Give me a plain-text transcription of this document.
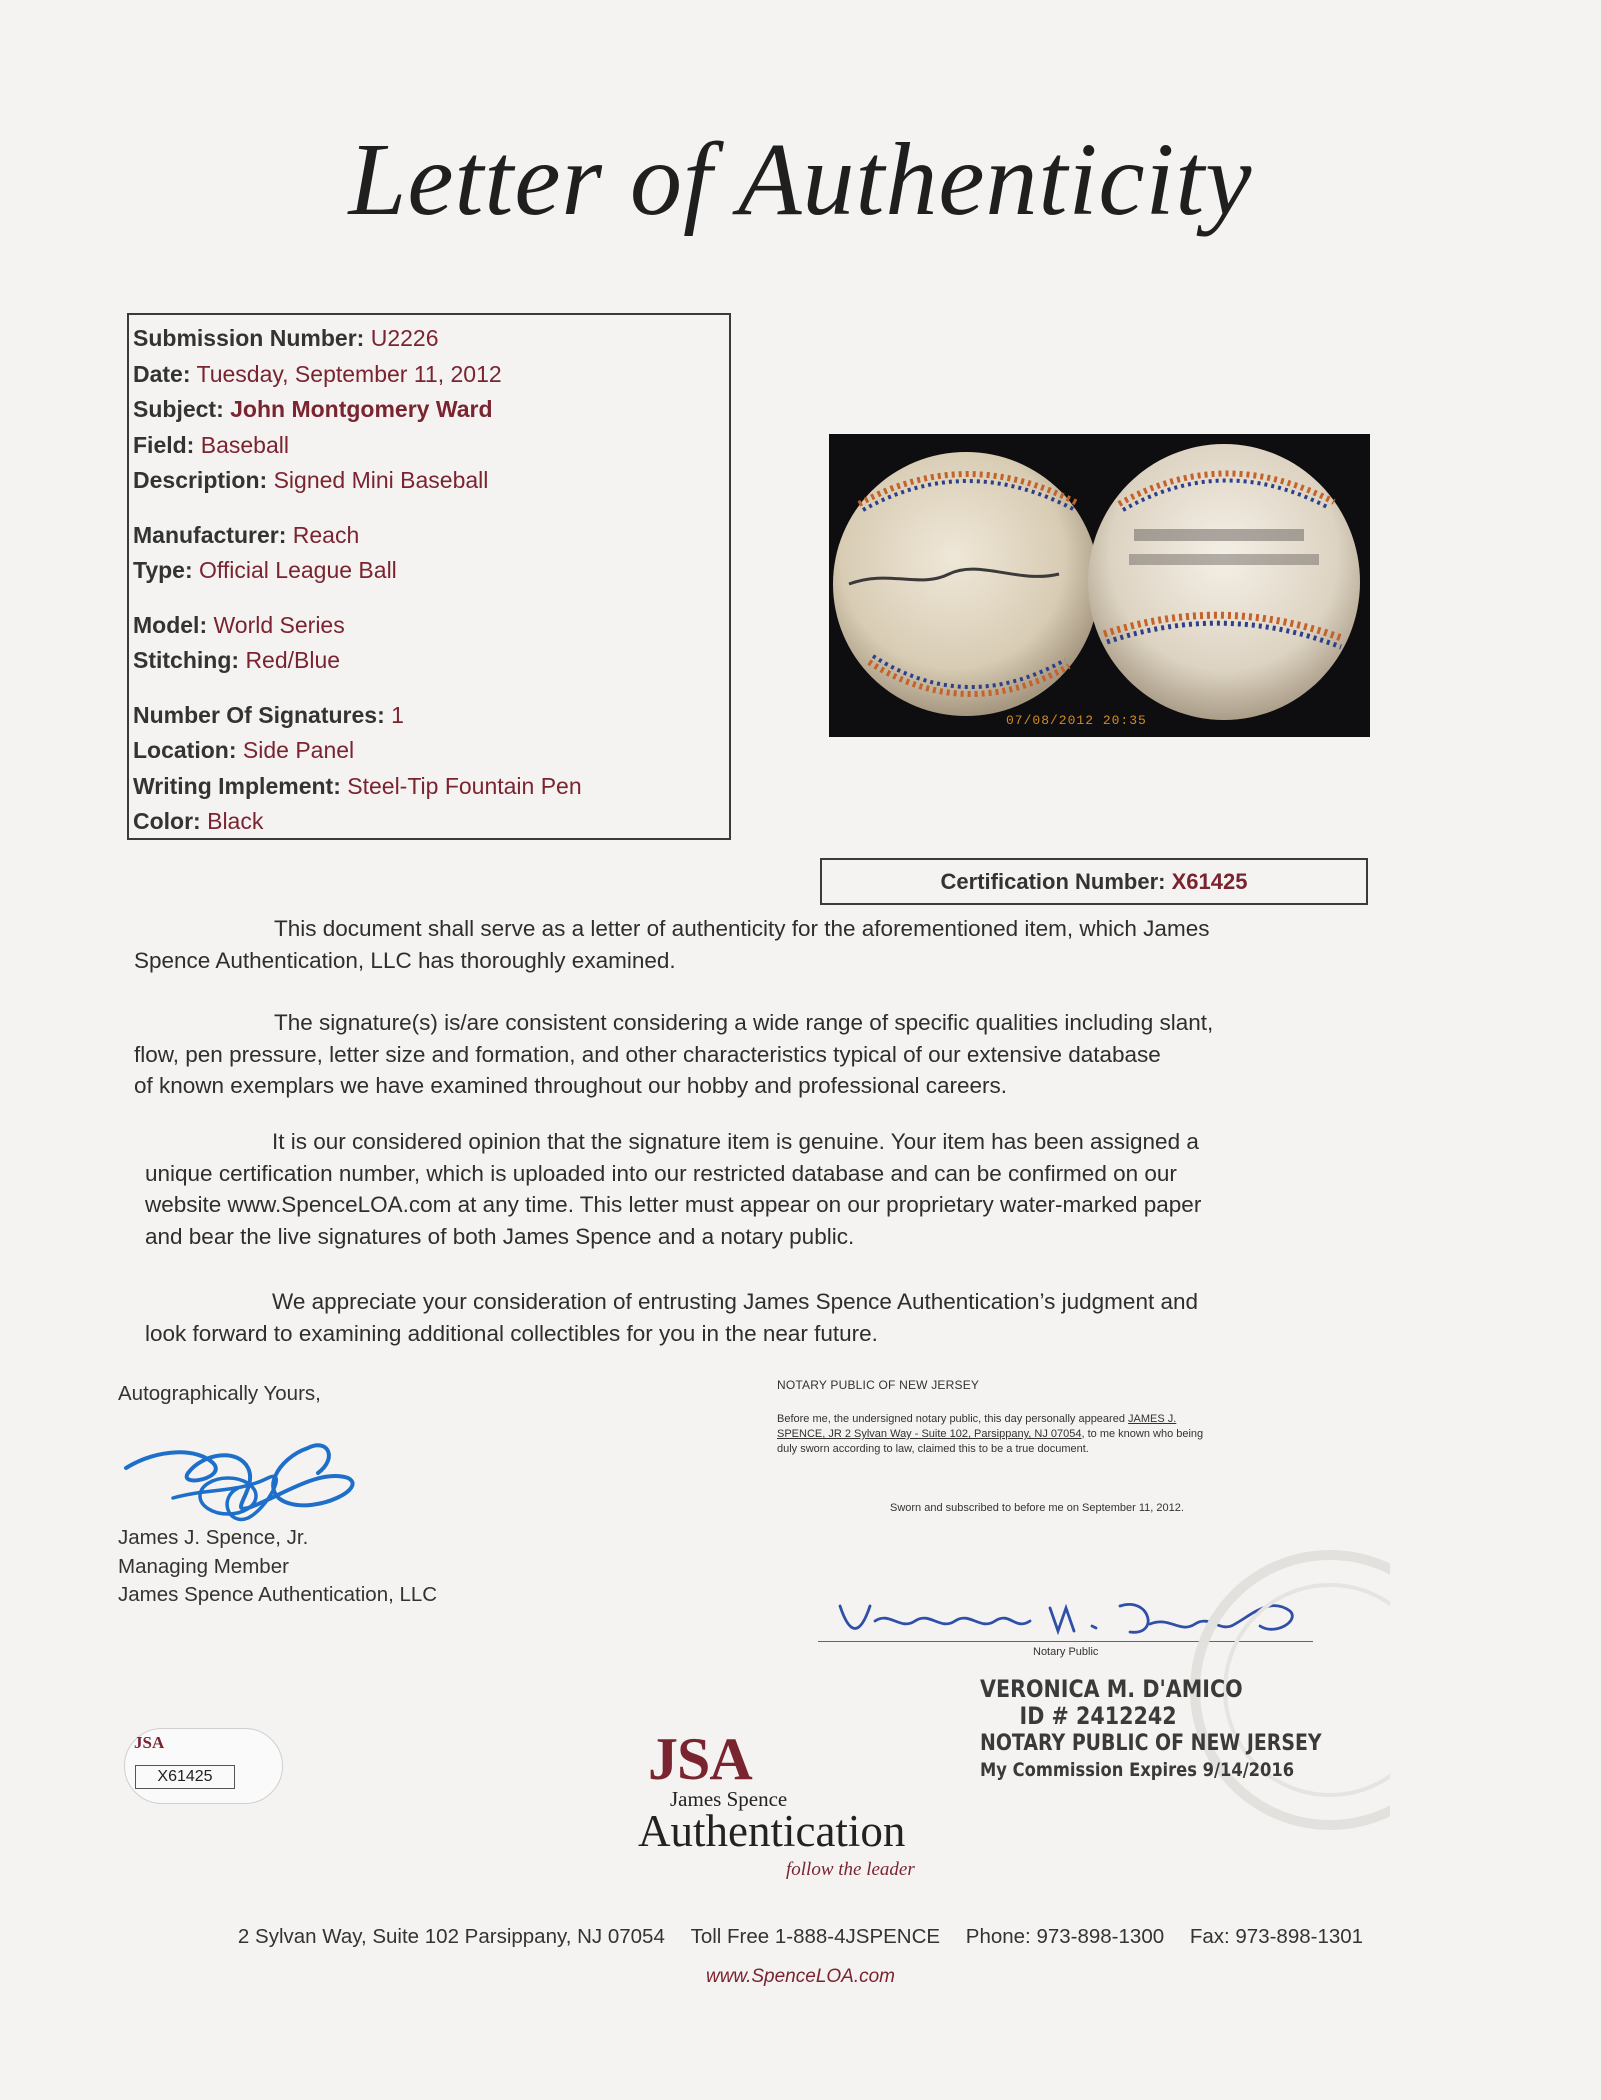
Letter of Authenticity
Submission Number: U2226
Date: Tuesday, September 11, 2012
Subject: John Montgomery Ward
Field: Baseball
Description: Signed Mini Baseball
Manufacturer: Reach
Type: Official League Ball
Model: World Series
Stitching: Red/Blue
Number Of Signatures: 1
Location: Side Panel
Writing Implement: Steel-Tip Fountain Pen
Color: Black
07/08/2012 20:35
Certification Number: X61425
This document shall serve as a letter of authenticity for the aforementioned item, which James
Spence Authentication, LLC has thoroughly examined.
The signature(s) is/are consistent considering a wide range of specific qualities including slant,
flow, pen pressure, letter size and formation, and other characteristics typical of our extensive database
of known exemplars we have examined throughout our hobby and professional careers.
It is our considered opinion that the signature item is genuine. Your item has been assigned a
unique certification number, which is uploaded into our restricted database and can be confirmed on our
website www.SpenceLOA.com at any time. This letter must appear on our proprietary water-marked paper
and bear the live signatures of both James Spence and a notary public.
We appreciate your consideration of entrusting James Spence Authentication’s judgment and
look forward to examining additional collectibles for you in the near future.
Autographically Yours,
James J. Spence, Jr.
Managing Member
James Spence Authentication, LLC
NOTARY PUBLIC OF NEW JERSEY
Before me, the undersigned notary public, this day personally appeared JAMES J.
SPENCE, JR 2 Sylvan Way - Suite 102, Parsippany, NJ 07054, to me known who being
duly sworn according to law, claimed this to be a true document.
Sworn and subscribed to before me on September 11, 2012.
Notary Public
VERONICA M. D'AMICO
ID # 2412242
NOTARY PUBLIC OF NEW JERSEY
My Commission Expires 9/14/2016
JSA
X61425	JSA
James Spence
Authentication
follow the leader
2 Sylvan Way, Suite 102 Parsippany, NJ 07054 Toll Free 1-888-4JSPENCE Phone: 973-898-1300 Fax: 973-898-1301
www.SpenceLOA.com
